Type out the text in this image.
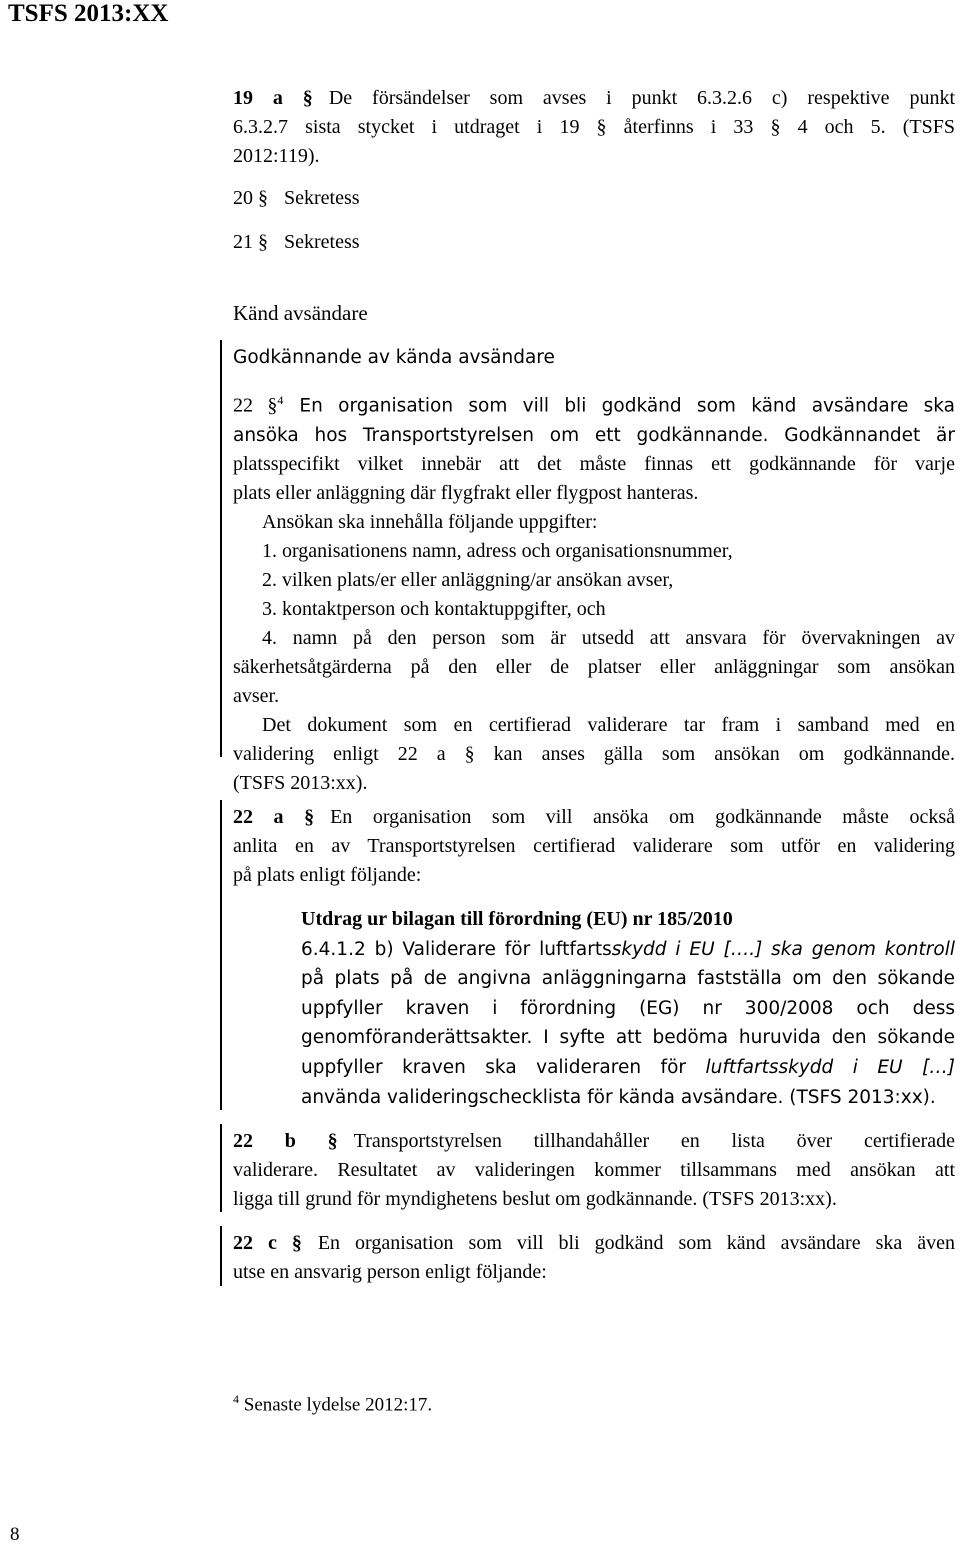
TSFS 2013:XX
19 a § De försändelser som avses i punkt 6.3.2.6 c) respektive punkt
6.3.2.7 sista stycket i utdraget i 19 § återfinns i 33 § 4 och 5. (TSFS
2012:119).
20 § Sekretess
21 § Sekretess
Känd avsändare
Godkännande av kända avsändare
22 §$^4$ En organisation som vill bli godkänd som känd avsändare ska
ansöka hos Transportstyrelsen om ett godkännande. Godkännandet är
platsspecifikt vilket innebär att det måste finnas ett godkännande för varje
plats eller anläggning där flygfrakt eller flygpost hanteras.
Ansökan ska innehålla följande uppgifter:
1. organisationens namn, adress och organisationsnummer,
2. vilken plats/er eller anläggning/ar ansökan avser,
3. kontaktperson och kontaktuppgifter, och
4. namn på den person som är utsedd att ansvara för övervakningen av
säkerhetsåtgärderna på den eller de platser eller anläggningar som ansökan
avser.
Det dokument som en certifierad validerare tar fram i samband med en
validering enligt 22 a § kan anses gälla som ansökan om godkännande.
(TSFS 2013:xx).
22 a § En organisation som vill ansöka om godkännande måste också
anlita en av Transportstyrelsen certifierad validerare som utför en validering
på plats enligt följande:
Utdrag ur bilagan till förordning (EU) nr 185/2010
6.4.1.2 b) Validerare för luftfartsskydd i EU [….] ska genom kontroll
på plats på de angivna anläggningarna fastställa om den sökande
uppfyller kraven i förordning (EG) nr 300/2008 och dess
genomföranderättsakter. I syfte att bedöma huruvida den sökande
uppfyller kraven ska valideraren för luftfartsskydd i EU […]
använda valideringschecklista för kända avsändare. (TSFS 2013:xx).
22 b § Transportstyrelsen tillhandahåller en lista över certifierade
validerare. Resultatet av valideringen kommer tillsammans med ansökan att
ligga till grund för myndighetens beslut om godkännande. (TSFS 2013:xx).
22 c § En organisation som vill bli godkänd som känd avsändare ska även
utse en ansvarig person enligt följande:
$^4$ Senaste lydelse 2012:17.
8
